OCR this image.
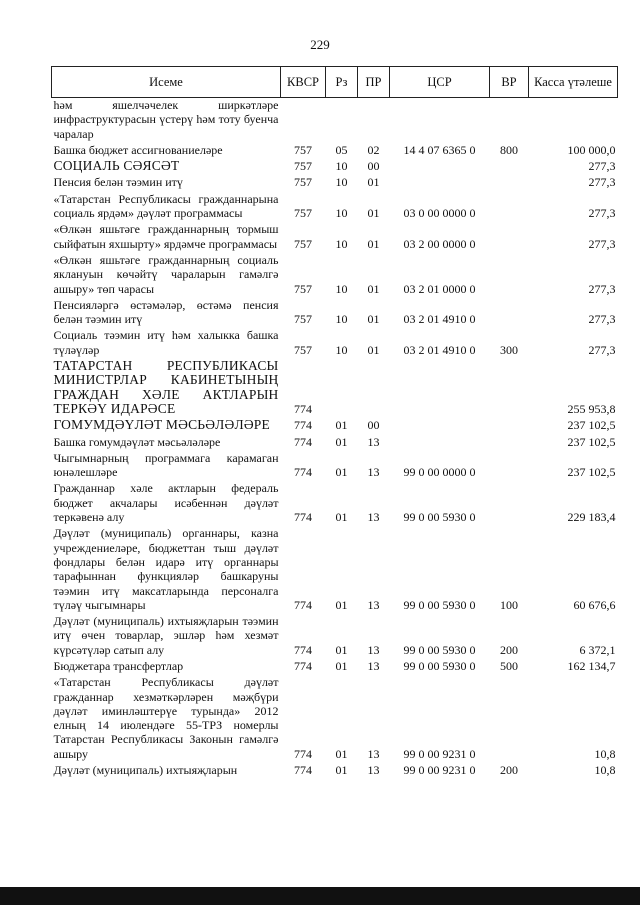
229
Исеме	КВСР	Рз	ПР	ЦСР	ВР	Касса үтәлеше
һәм яшелчәчелек ширкәтләре инфраструктурасын үстерү һәм тоту буенча чаралар						
Башка бюджет ассигнованиеләре	757	05	02	14 4 07 6365 0	800	100 000,0
СОЦИАЛЬ СӘЯСӘТ	757	10	00			277,3
Пенсия белән тәэмин итү	757	10	01			277,3
«Татарстан Республикасы гражданнарына социаль ярдәм» дәүләт программасы	757	10	01	03 0 00 0000 0		277,3
«Өлкән яшьтәге гражданнарның тормыш сыйфатын яхшырту» ярдәмче программасы	757	10	01	03 2 00 0000 0		277,3
«Өлкән яшьтәге гражданнарның социаль яклануын көчәйтү чараларын гамәлгә ашыру» төп чарасы	757	10	01	03 2 01 0000 0		277,3
Пенсияләргә өстәмәләр, өстәмә пенсия белән тәэмин итү	757	10	01	03 2 01 4910 0		277,3
Социаль тәэмин итү һәм халыкка башка түләүләр	757	10	01	03 2 01 4910 0	300	277,3
ТАТАРСТАН РЕСПУБЛИКАСЫ МИНИСТРЛАР КАБИНЕТЫНЫҢ ГРАЖДАН ХӘЛЕ АКТЛАРЫН ТЕРКӘҮ ИДАРӘСЕ	774					255 953,8
ГОМУМДӘҮЛӘТ МӘСЬӘЛӘЛӘРЕ	774	01	00			237 102,5
Башка гомумдәүләт мәсьәләләре	774	01	13			237 102,5
Чыгымнарның программага карамаган юнәлешләре	774	01	13	99 0 00 0000 0		237 102,5
Гражданнар хәле актларын федераль бюджет акчалары исәбеннән дәүләт теркәвенә алу	774	01	13	99 0 00 5930 0		229 183,4
Дәүләт (муниципаль) органнары, казна учреждениеләре, бюджеттан тыш дәүләт фондлары белән идарә итү органнары тарафыннан функцияләр башкаруны тәэмин итү максатларында персоналга түләү чыгымнары	774	01	13	99 0 00 5930 0	100	60 676,6
Дәүләт (муниципаль) ихтыяҗларын тәэмин итү өчен товарлар, эшләр һәм хезмәт күрсәтүләр сатып алу	774	01	13	99 0 00 5930 0	200	6 372,1
Бюджетара трансфертлар	774	01	13	99 0 00 5930 0	500	162 134,7
«Татарстан Республикасы дәүләт гражданнар хезмәткәрләрен мәҗбүри дәүләт иминләштерүе турында» 2012 елның 14 июлендәге 55-ТРЗ номерлы Татарстан Республикасы Законын гамәлгә ашыру	774	01	13	99 0 00 9231 0		10,8
Дәүләт (муниципаль) ихтыяҗларын	774	01	13	99 0 00 9231 0	200	10,8
